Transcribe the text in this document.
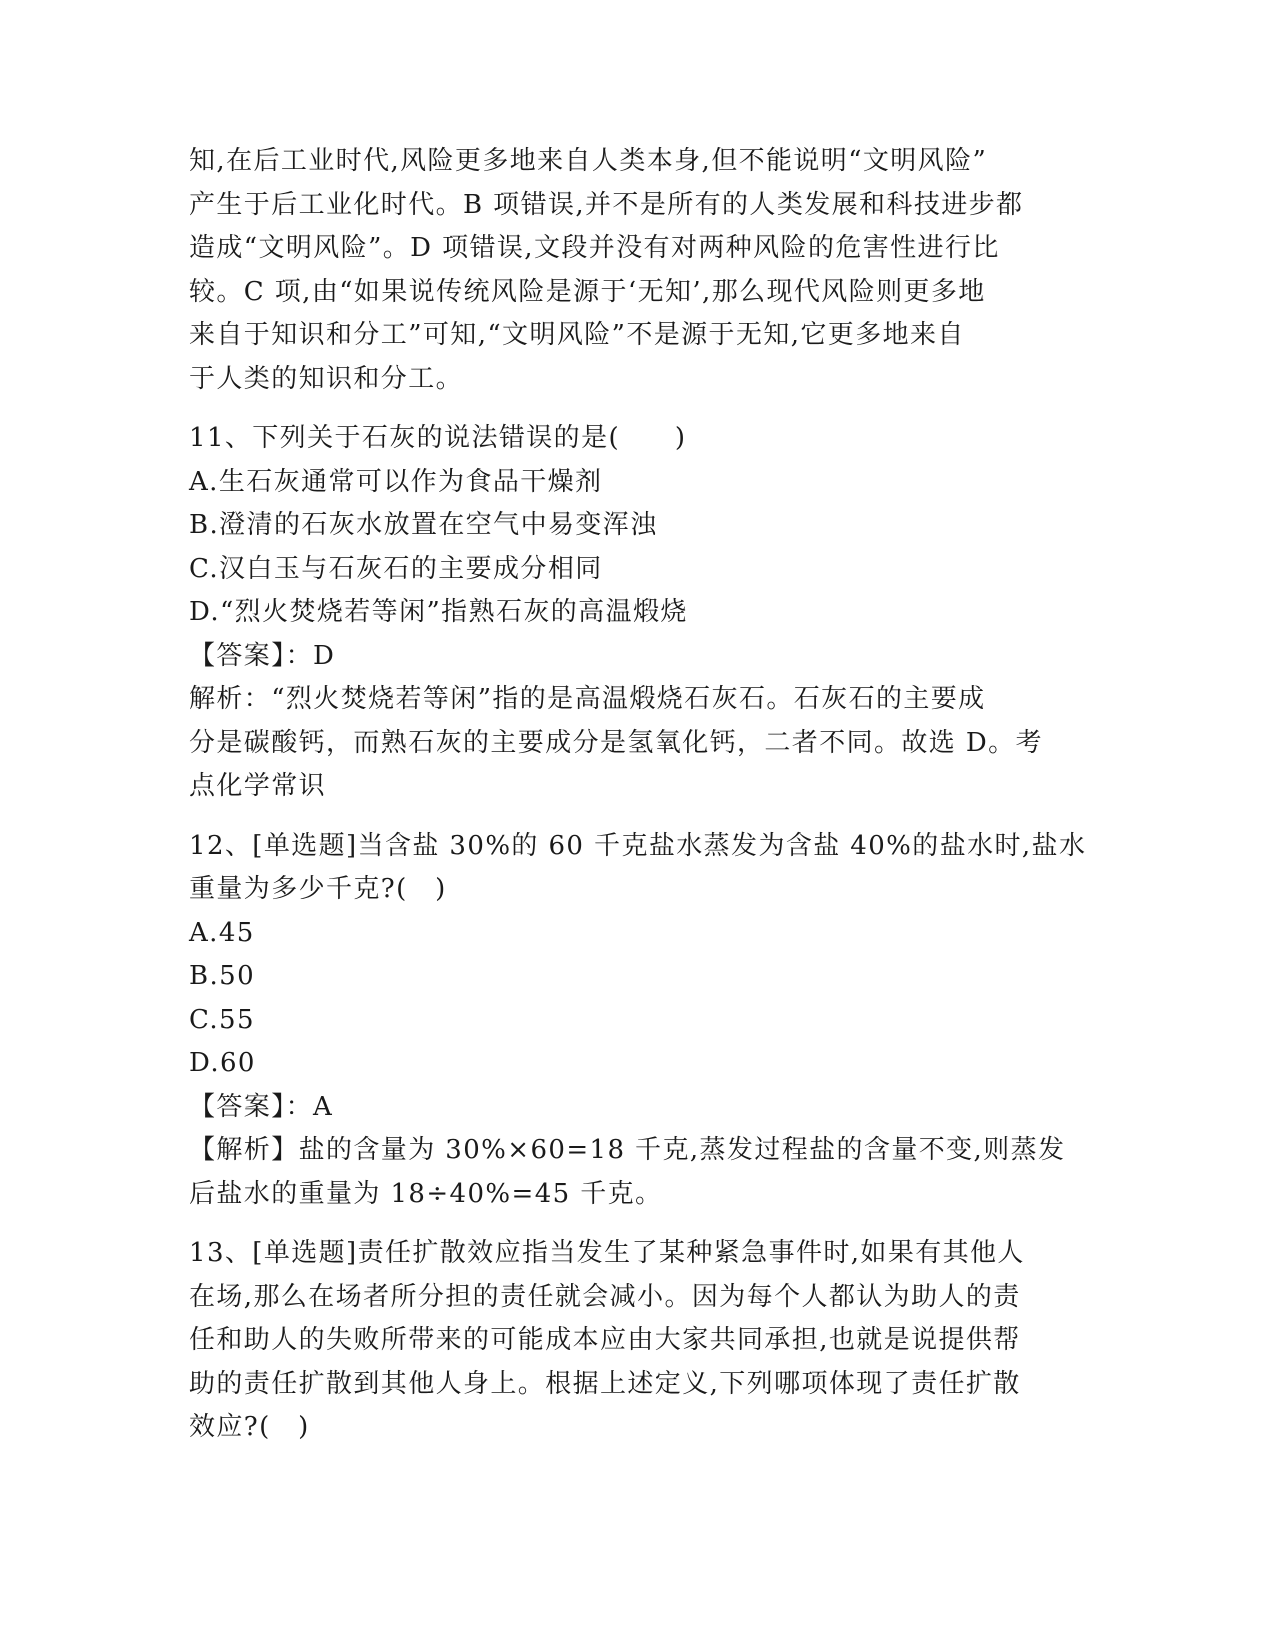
知,在后工业时代,风险更多地来自人类本身,但不能说明“文明风险”
产生于后工业化时代。B 项错误,并不是所有的人类发展和科技进步都
造成“文明风险”。D 项错误,文段并没有对两种风险的危害性进行比
较。C 项,由“如果说传统风险是源于‘无知’,那么现代风险则更多地
来自于知识和分工”可知,“文明风险”不是源于无知,它更多地来自
于人类的知识和分工。
11、下列关于石灰的说法错误的是(　　)
A.生石灰通常可以作为食品干燥剂
B.澄清的石灰水放置在空气中易变浑浊
C.汉白玉与石灰石的主要成分相同
D.“烈火焚烧若等闲”指熟石灰的高温煅烧
【答案】：D
解析：“烈火焚烧若等闲”指的是高温煅烧石灰石。石灰石的主要成
分是碳酸钙，而熟石灰的主要成分是氢氧化钙，二者不同。故选 D。考
点化学常识
12、[单选题]当含盐 30%的 60 千克盐水蒸发为含盐 40%的盐水时,盐水
重量为多少千克?(　)
A.45
B.50
C.55
D.60
【答案】：A
【解析】盐的含量为 30%×60=18 千克,蒸发过程盐的含量不变,则蒸发
后盐水的重量为 18÷40%=45 千克。
13、[单选题]责任扩散效应指当发生了某种紧急事件时,如果有其他人
在场,那么在场者所分担的责任就会减小。因为每个人都认为助人的责
任和助人的失败所带来的可能成本应由大家共同承担,也就是说提供帮
助的责任扩散到其他人身上。根据上述定义,下列哪项体现了责任扩散
效应?(　)
